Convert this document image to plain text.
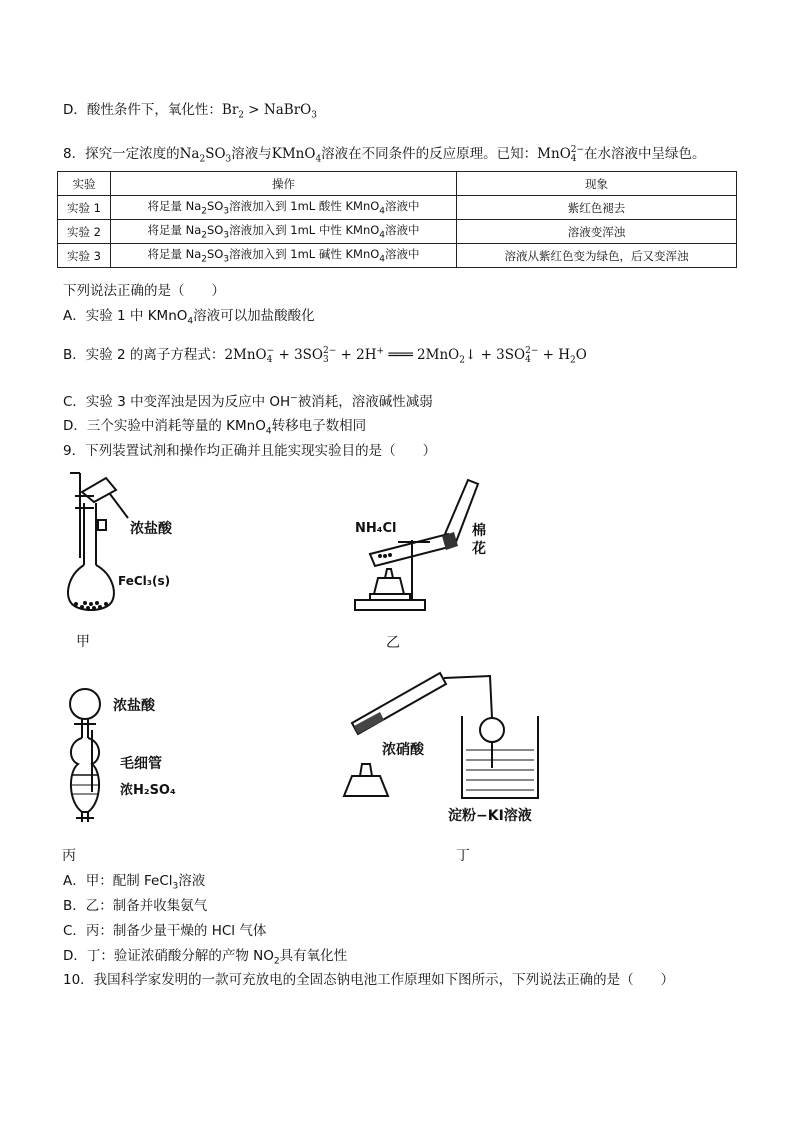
D．酸性条件下，氧化性：$Br_2$ > NaBrO$_3$
8．探究一定浓度的$Na_2SO_3$溶液与KMnO$_4$溶液在不同条件的反应原理。已知：MnO 2−
4 在水溶液中呈绿色。
实验	操作	现象
实验 1	将足量 $Na_2SO_3$溶液加入到 1mL 酸性 KMnO$_4$溶液中	紫红色褪去
实验 2	将足量 $Na_2SO_3$溶液加入到 1mL 中性 KMnO$_4$溶液中	溶液变浑浊
实验 3	将足量 $Na_2SO_3$溶液加入到 1mL 碱性 KMnO$_4$溶液中	溶液从紫红色变为绿色，后又变浑浊
下列说法正确的是（　　）
A．实验 1 中 KMnO$_4$溶液可以加盐酸酸化
B．实验 2 的离子方程式：2MnO −
4 + 3SO 2−
3 + 2H+ ═══ 2MnO$_2$↓ + 3SO 2−
$4 + H_2O$
C．实验 3 中变浑浊是因为反应中 OH−被消耗，溶液碱性减弱
D．三个实验中消耗等量的 KMnO$_4$转移电子数相同
9．下列装置试剂和操作均正确并且能实现实验目的是（　　）
浓盐酸
FeCl₃(s)
甲
NH₄Cl	棉
花
乙
浓盐酸
毛细管
浓H₂SO₄
丙
浓硝酸
淀粉−KI溶液
丁
A．甲：配制 FeCl$_3$溶液
B．乙：制备并收集氨气
C．丙：制备少量干燥的 HCl 气体
D．丁：验证浓硝酸分解的产物 $NO_2$具有氧化性
10．我国科学家发明的一款可充放电的全固态钠电池工作原理如下图所示，下列说法正确的是（　　）
